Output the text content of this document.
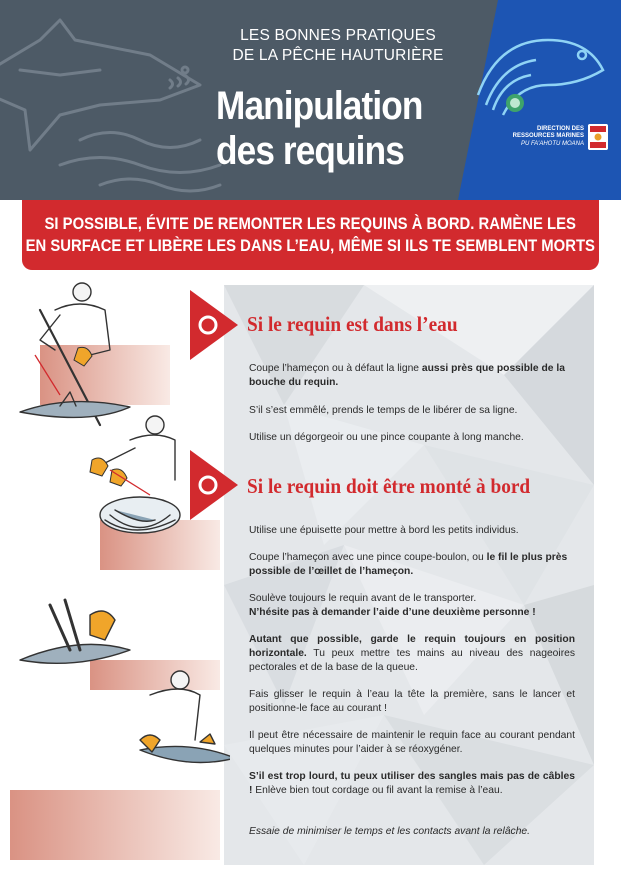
LES BONNES PRATIQUES
DE LA PÊCHE HAUTURIÈRE
Manipulation
des requins	DIRECTION DES
RESSOURCES MARINES
PU FA'AHOTU MOANA
SI POSSIBLE, ÉVITE DE REMONTER LES REQUINS À BORD. RAMÈNE LES
EN SURFACE ET LIBÈRE LES DANS L’EAU, MÊME SI ILS TE SEMBLENT MORTS
Si le requin est dans l’eau
Coupe l’hameçon ou à défaut la ligne aussi près que possible de la bouche du requin.
S’il s’est emmêlé, prends le temps de le libérer de sa ligne.
Utilise un dégorgeoir ou une pince coupante à long manche.
Si le requin doit être monté à bord
Utilise une épuisette pour mettre à bord les petits individus.
Coupe l’hameçon avec une pince coupe-boulon, ou le fil le plus près possible de l’œillet de l’hameçon.
Soulève toujours le requin avant de le transporter.
N’hésite pas à demander l’aide d’une deuxième personne !
Autant que possible, garde le requin toujours en position horizontale. Tu peux mettre tes mains au niveau des nageoires pectorales et de la base de la queue.
Fais glisser le requin à l’eau la tête la première, sans le lancer et positionne-le face au courant !
Il peut être nécessaire de maintenir le requin face au courant pendant quelques minutes pour l’aider à se réoxygéner.
S’il est trop lourd, tu peux utiliser des sangles mais pas de câbles ! Enlève bien tout cordage ou fil avant la remise à l’eau.
Essaie de minimiser le temps et les contacts avant la relâche.
